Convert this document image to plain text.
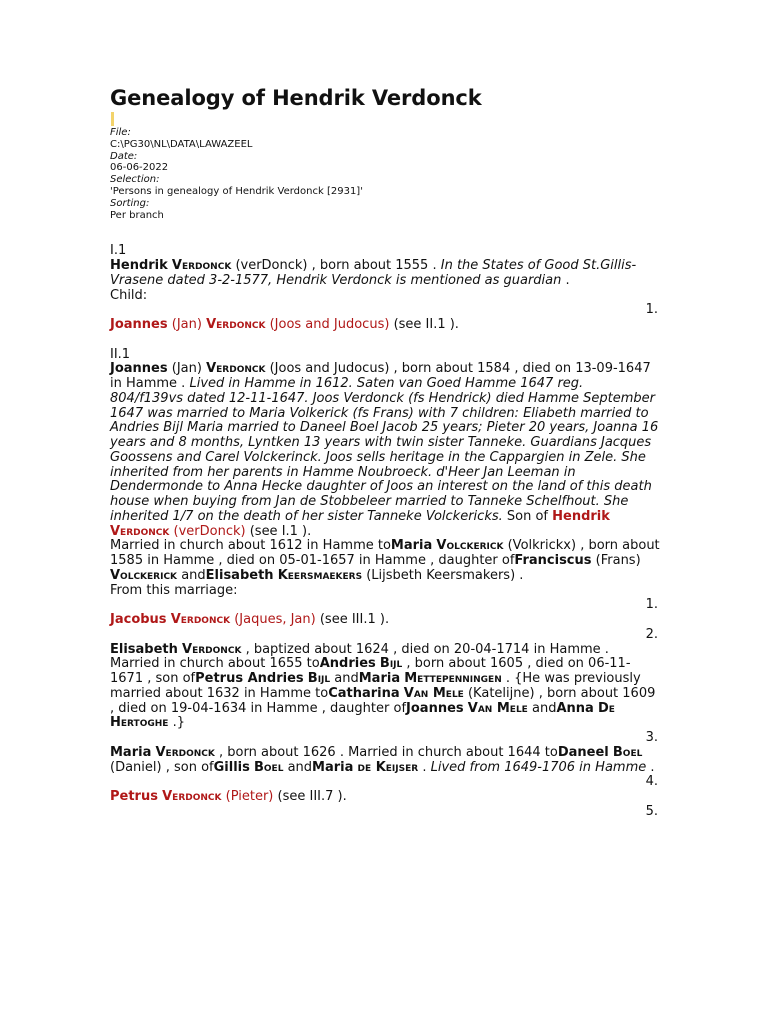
Genealogy of Hendrik Verdonck
File:
C:\PG30\NL\DATA\LAWAZEEL
Date:
06-06-2022
Selection:
'Persons in genealogy of Hendrik Verdonck [2931]'
Sorting:
Per branch
I.1
Hendrik Verdonck (verDonck) , born about 1555 . In the States of Good St.Gillis-Vrasene dated 3-2-1577, Hendrik Verdonck is mentioned as guardian .
Child:
1.
Joannes (Jan) Verdonck (Joos and Judocus) (see II.1 ).
II.1
Joannes (Jan) Verdonck (Joos and Judocus) , born about 1584 , died on 13-09-1647 in Hamme . Lived in Hamme in 1612. Saten van Goed Hamme 1647 reg. 804/f139vs dated 12-11-1647. Joos Verdonck (fs Hendrick) died Hamme September 1647 was married to Maria Volkerick (fs Frans) with 7 children: Eliabeth married to Andries Bijl Maria married to Daneel Boel Jacob 25 years; Pieter 20 years, Joanna 16 years and 8 months, Lyntken 13 years with twin sister Tanneke. Guardians Jacques Goossens and Carel Volckerinck. Joos sells heritage in the Cappargien in Zele. She inherited from her parents in Hamme Noubroeck. d'Heer Jan Leeman in Dendermonde to Anna Hecke daughter of Joos an interest on the land of this death house when buying from Jan de Stobbeleer married to Tanneke Schelfhout. She inherited 1/7 on the death of her sister Tanneke Volckericks. Son of Hendrik Verdonck (verDonck) (see I.1 ).
Married in church about 1612 in Hamme toMaria Volckerick (Volkrickx) , born about 1585 in Hamme , died on 05-01-1657 in Hamme , daughter ofFranciscus (Frans) Volckerick andElisabeth Keersmaekers (Lijsbeth Keersmakers) .
From this marriage:
1.
Jacobus Verdonck (Jaques, Jan) (see III.1 ).
2.
Elisabeth Verdonck , baptized about 1624 , died on 20-04-1714 in Hamme . Married in church about 1655 toAndries Bijl , born about 1605 , died on 06-11-1671 , son ofPetrus Andries Bijl andMaria Mettepenningen . {He was previously married about 1632 in Hamme toCatharina Van Mele (Katelijne) , born about 1609 , died on 19-04-1634 in Hamme , daughter ofJoannes Van Mele andAnna De Hertoghe .}
3.
Maria Verdonck , born about 1626 . Married in church about 1644 toDaneel Boel (Daniel) , son ofGillis Boel andMaria de Keijser . Lived from 1649-1706 in Hamme .
4.
Petrus Verdonck (Pieter) (see III.7 ).
5.
